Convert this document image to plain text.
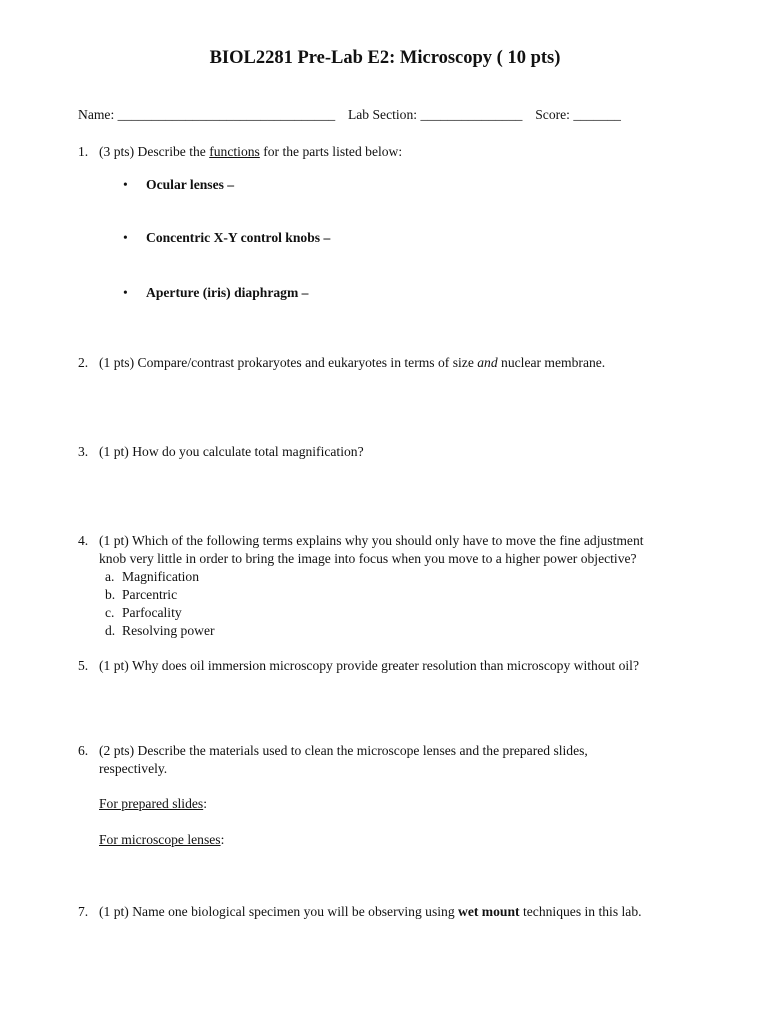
BIOL2281 Pre-Lab E2: Microscopy ( 10 pts)
Name: ________________________________ Lab Section: _______________ Score: _______
1. (3 pts) Describe the functions for the parts listed below:
• Ocular lenses –
• Concentric X-Y control knobs –
• Aperture (iris) diaphragm –
2. (1 pts) Compare/contrast prokaryotes and eukaryotes in terms of size and nuclear membrane.
3. (1 pt) How do you calculate total magnification?
4. (1 pt) Which of the following terms explains why you should only have to move the fine adjustment
knob very little in order to bring the image into focus when you move to a higher power objective?
a. Magnification
b. Parcentric
c. Parfocality
d. Resolving power
5. (1 pt) Why does oil immersion microscopy provide greater resolution than microscopy without oil?
6. (2 pts) Describe the materials used to clean the microscope lenses and the prepared slides,
respectively.
For prepared slides:
For microscope lenses:
7. (1 pt) Name one biological specimen you will be observing using wet mount techniques in this lab.
